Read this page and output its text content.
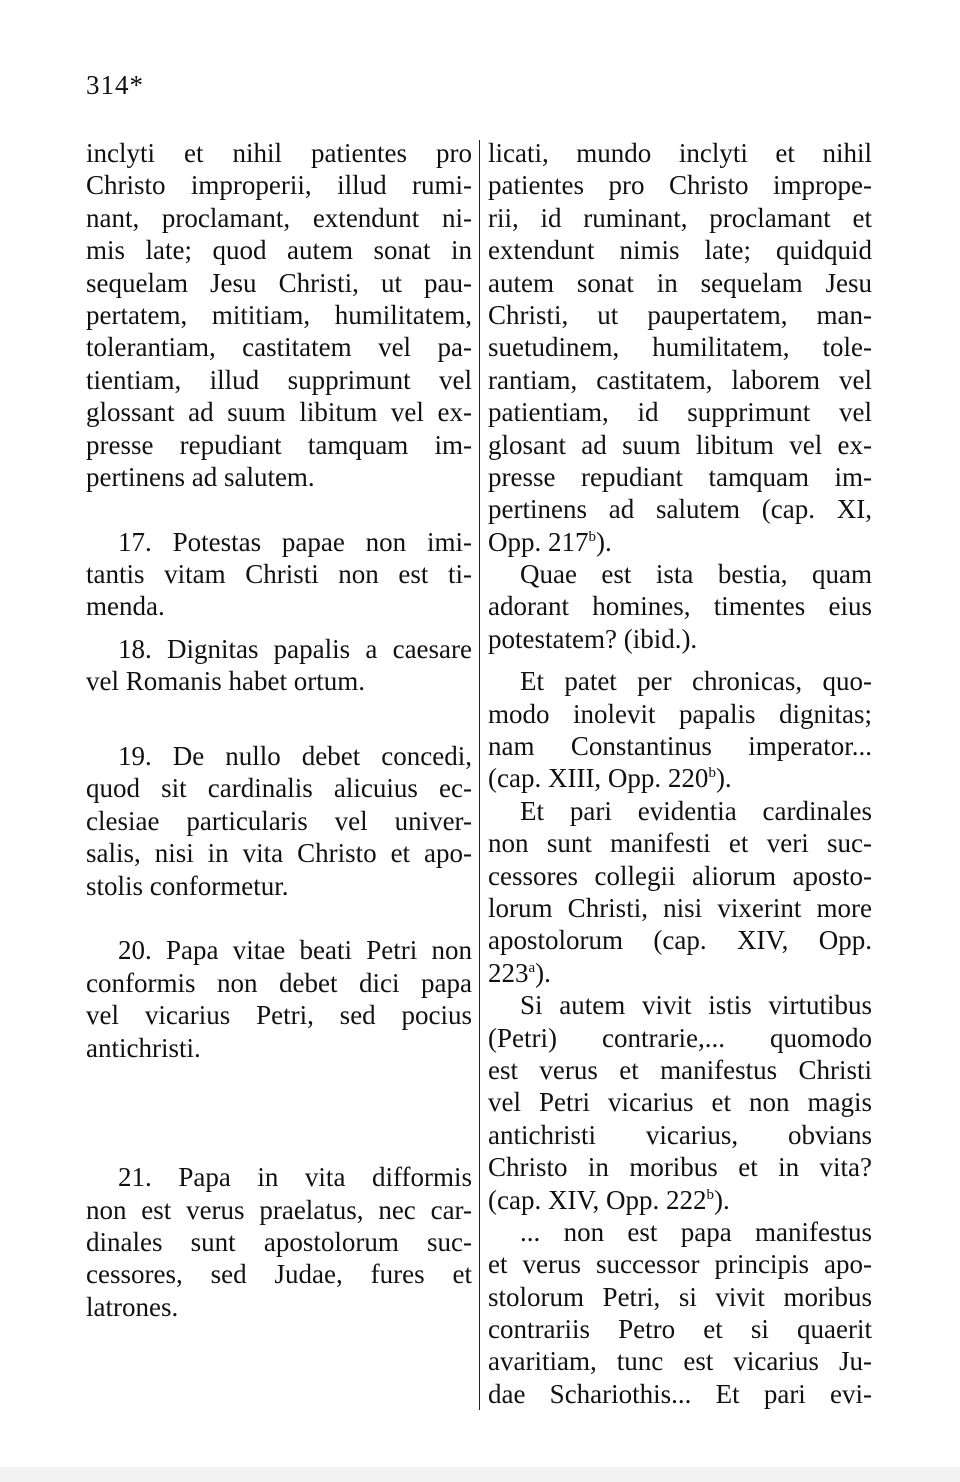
314*
inclyti et nihil patientes pro
Christo improperii, illud rumi-
nant, proclamant, extendunt ni-
mis late; quod autem sonat in
sequelam Jesu Christi, ut pau-
pertatem, mititiam, humilitatem,
tolerantiam, castitatem vel pa-
tientiam, illud supprimunt vel
glossant ad suum libitum vel ex-
presse repudiant tamquam im-
pertinens ad salutem.
17. Potestas papae non imi-
tantis vitam Christi non est ti-
menda.
18. Dignitas papalis a caesare
vel Romanis habet ortum.
19. De nullo debet concedi,
quod sit cardinalis alicuius ec-
clesiae particularis vel univer-
salis, nisi in vita Christo et apo-
stolis conformetur.
20. Papa vitae beati Petri non
conformis non debet dici papa
vel vicarius Petri, sed pocius
antichristi.
21. Papa in vita difformis
non est verus praelatus, nec car-
dinales sunt apostolorum suc-
cessores, sed Judae, fures et
latrones.
licati, mundo inclyti et nihil
patientes pro Christo imprope-
rii, id ruminant, proclamant et
extendunt nimis late; quidquid
autem sonat in sequelam Jesu
Christi, ut paupertatem, man-
suetudinem, humilitatem, tole-
rantiam, castitatem, laborem vel
patientiam, id supprimunt vel
glosant ad suum libitum vel ex-
presse repudiant tamquam im-
pertinens ad salutem (cap. XI,
Opp. 217$^b$).
Quae est ista bestia, quam
adorant homines, timentes eius
potestatem? (ibid.).
Et patet per chronicas, quo-
modo inolevit papalis dignitas;
nam Constantinus imperator...
(cap. XIII, Opp. 220$^b$).
Et pari evidentia cardinales
non sunt manifesti et veri suc-
cessores collegii aliorum aposto-
lorum Christi, nisi vixerint more
apostolorum (cap. XIV, Opp.
223$^a$).
Si autem vivit istis virtutibus
(Petri) contrarie,... quomodo
est verus et manifestus Christi
vel Petri vicarius et non magis
antichristi vicarius, obvians
Christo in moribus et in vita?
(cap. XIV, Opp. 222$^b$).
... non est papa manifestus
et verus successor principis apo-
stolorum Petri, si vivit moribus
contrariis Petro et si quaerit
avaritiam, tunc est vicarius Ju-
dae Schariothis... Et pari evi-
